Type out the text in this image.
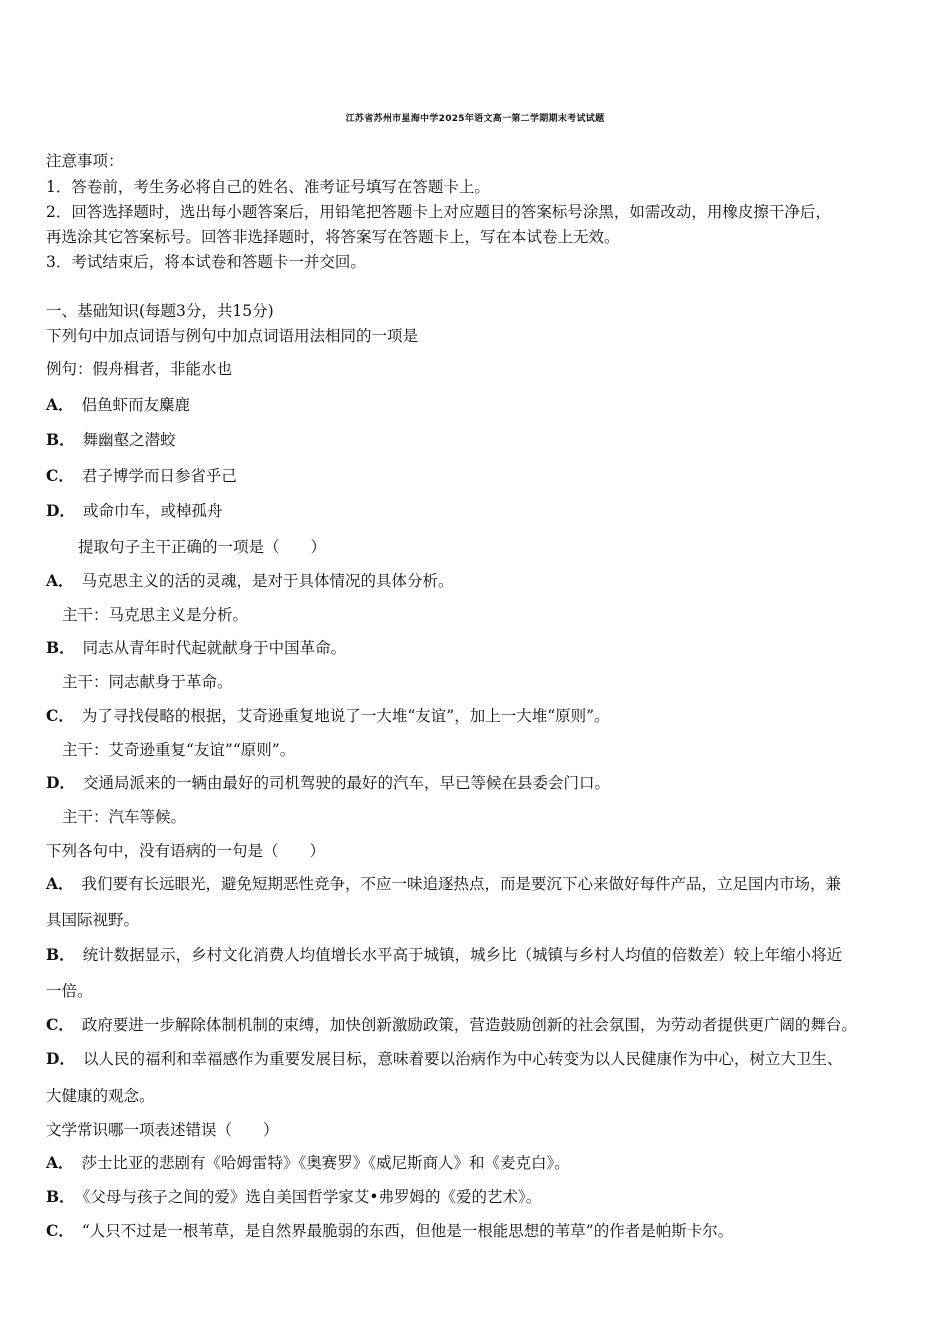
江苏省苏州市星海中学2025年语文高一第二学期期末考试试题
注意事项：
1．答卷前，考生务必将自己的姓名、准考证号填写在答题卡上。
2．回答选择题时，选出每小题答案后，用铅笔把答题卡上对应题目的答案标号涂黑，如需改动，用橡皮擦干净后，
再选涂其它答案标号。回答非选择题时，将答案写在答题卡上，写在本试卷上无效。
3．考试结束后，将本试卷和答题卡一并交回。
一、基础知识(每题3分，共15分)
下列句中加点词语与例句中加点词语用法相同的一项是
例句：假舟楫者，非能水也
A． 侣鱼虾而友麋鹿
B． 舞幽壑之潜蛟
C． 君子博学而日参省乎己
D． 或命巾车，或棹孤舟
提取句子主干正确的一项是（　　）
A． 马克思主义的活的灵魂，是对于具体情况的具体分析。
主干：马克思主义是分析。
B． 同志从青年时代起就献身于中国革命。
主干：同志献身于革命。
C． 为了寻找侵略的根据，艾奇逊重复地说了一大堆“友谊”，加上一大堆“原则”。
主干：艾奇逊重复“友谊”“原则”。
D． 交通局派来的一辆由最好的司机驾驶的最好的汽车，早已等候在县委会门口。
主干：汽车等候。
下列各句中，没有语病的一句是（　　）
A． 我们要有长远眼光，避免短期恶性竞争，不应一味追逐热点，而是要沉下心来做好每件产品，立足国内市场，兼
具国际视野。
B． 统计数据显示，乡村文化消费人均值增长水平高于城镇，城乡比（城镇与乡村人均值的倍数差）较上年缩小将近
一倍。
C． 政府要进一步解除体制机制的束缚，加快创新激励政策，营造鼓励创新的社会氛围，为劳动者提供更广阔的舞台。
D． 以人民的福利和幸福感作为重要发展目标，意味着要以治病作为中心转变为以人民健康作为中心，树立大卫生、
大健康的观念。
文学常识哪一项表述错误（　　）
A． 莎士比亚的悲剧有《哈姆雷特》《奥赛罗》《威尼斯商人》和《麦克白》。
B． 《父母与孩子之间的爱》选自美国哲学家艾•弗罗姆的《爱的艺术》。
C． “人只不过是一根苇草，是自然界最脆弱的东西，但他是一根能思想的苇草”的作者是帕斯卡尔。
